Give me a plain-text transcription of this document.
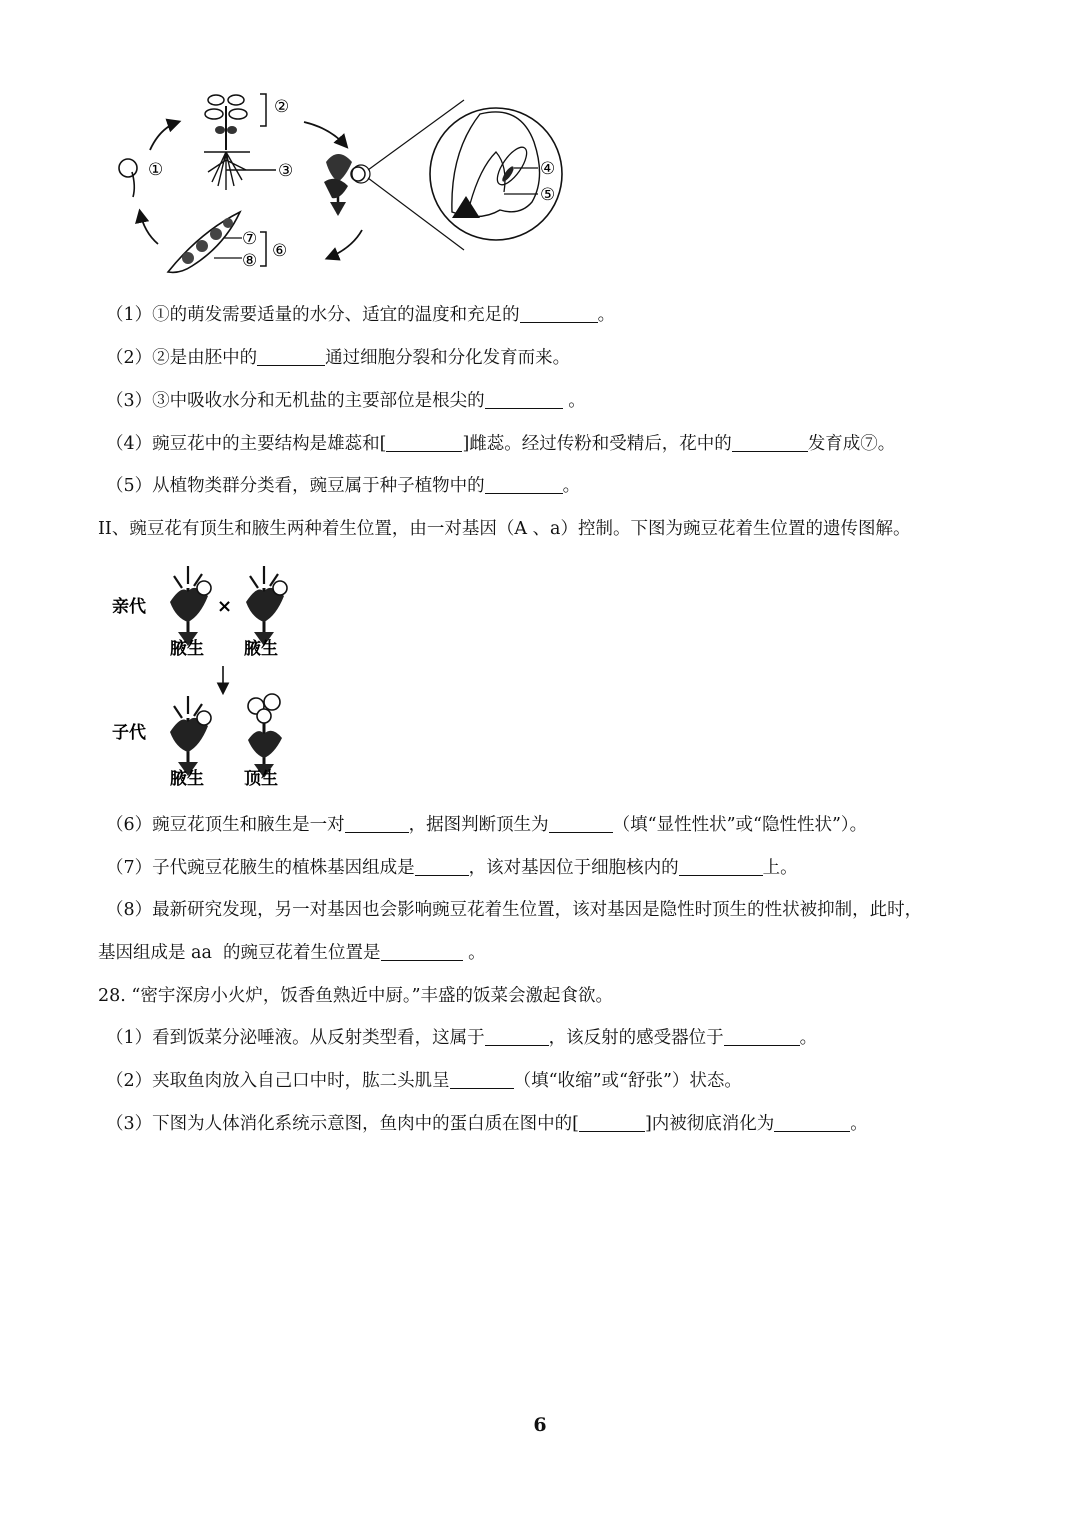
①
②
③	④
⑤
⑦
⑧ ⑥
（1）①的萌发需要适量的水分、适宜的温度和充足的	。
（2）②是由胚中的	通过细胞分裂和分化发育而来。
（3）③中吸收水分和无机盐的主要部位是根尖的	。
（4）豌豆花中的主要结构是雄蕊和[	]雌蕊。经过传粉和受精后，花中的	发育成⑦。
（5）从植物类群分类看，豌豆属于种子植物中的	。
II、豌豆花有顶生和腋生两种着生位置，由一对基因（A 、a）控制。下图为豌豆花着生位置的遗传图解。
亲代	×
腋生 腋生
子代
腋生 顶生
（6）豌豆花顶生和腋生是一对	，据图判断顶生为	（填“显性性状”或“隐性性状”）。
（7）子代豌豆花腋生的植株基因组成是	，该对基因位于细胞核内的	上。
（8）最新研究发现，另一对基因也会影响豌豆花着生位置，该对基因是隐性时顶生的性状被抑制，此时，
基因组成是 aa  的豌豆花着生位置是	。
28. “密宇深房小火炉，饭香鱼熟近中厨。”丰盛的饭菜会激起食欲。
（1）看到饭菜分泌唾液。从反射类型看，这属于	，该反射的感受器位于	。
（2）夹取鱼肉放入自己口中时，肱二头肌呈	（填“收缩”或“舒张”）状态。
（3）下图为人体消化系统示意图，鱼肉中的蛋白质在图中的[	]内被彻底消化为	。
6
